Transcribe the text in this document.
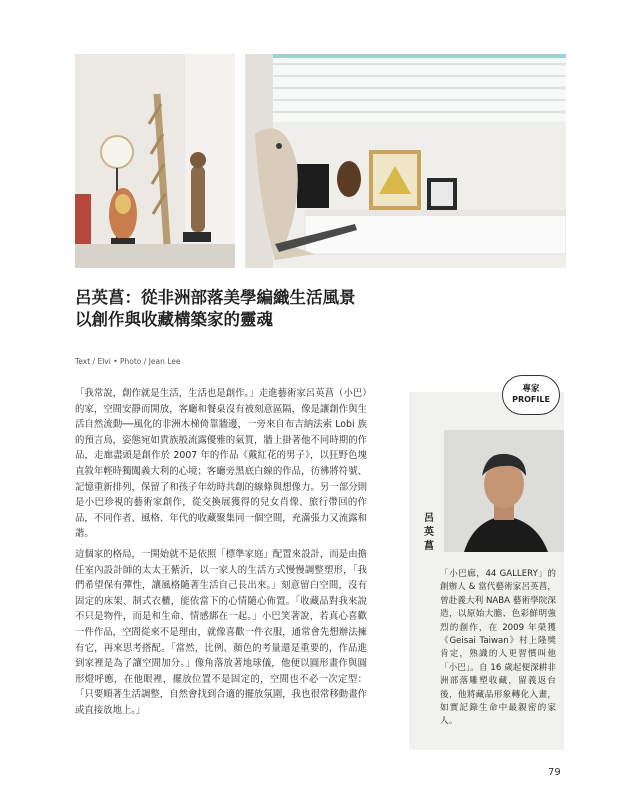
呂英菖：從非洲部落美學編織生活風景
以創作與收藏構築家的靈魂
Text / Elvi • Photo / Jean Lee

「我常說，創作就是生活，生活也是創作。」走進藝術家呂英菖（小巴）的家，空間安靜而開放，客廳和餐桌沒有被刻意區隔，像是讓創作與生活自然流動──風化的非洲木梯倚靠牆邊，一旁來自布吉納法索 Lobi 族的預言鳥，姿態宛如貴族般流露優雅的氣質，牆上掛著他不同時期的作品，走廊盡頭是創作於 2007 年的作品《戴紅花的男子》，以狂野色塊直敘年輕時獨闖義大利的心境；客廳旁黑底白線的作品，彷彿將符號、記憶重新排列，保留了和孩子年幼時共創的線條與想像力。另一部分則是小巴珍視的藝術家創作，從交換展獲得的兒女肖像、旅行帶回的作品，不同作者、風格、年代的收藏聚集同一個空間，充滿張力又流露和諧。

這個家的格局，一開始就不是依照「標準家庭」配置來設計，而是由擔任室內設計師的太太王紫沂，以一家人的生活方式慢慢調整塑形，「我們希望保有彈性，讓風格隨著生活自己長出來。」刻意留白空間，沒有固定的床架、制式衣櫃，能依當下的心情隨心佈置。「收藏品對我來說不只是物件，而是和生命、情感綁在一起。」小巴笑著說，若真心喜歡一件作品，空間從來不是理由，就像喜歡一件衣服，通常會先想辦法擁有它，再來思考搭配。「當然，比例、顏色的考量還是重要的，作品進到家裡是為了讓空間加分。」像角落放著地球儀，他便以圓形畫作與圓形燈呼應，在他眼裡，擺放位置不是固定的，空間也不必一次定型：「只要順著生活調整，自然會找到合適的擺放氛圍，我也很常移動畫作或直接放地上。」

專家
PROFILE
呂
英
菖
「小巴廊，44 GALLERY」的創辦人 & 當代藝術家呂英菖，曾赴義大利 NABA 藝術學院深造，以原始大膽、色彩鮮明強烈的創作，在 2009 年榮獲《Geisai Taiwan》村上隆獎肯定，熟識的人更習慣叫他「小巴」。自 16 歲起便深耕非洲部落雕塑收藏，留義返台後，他將藏品形象轉化入畫，如實記錄生命中最親密的家人。
79
